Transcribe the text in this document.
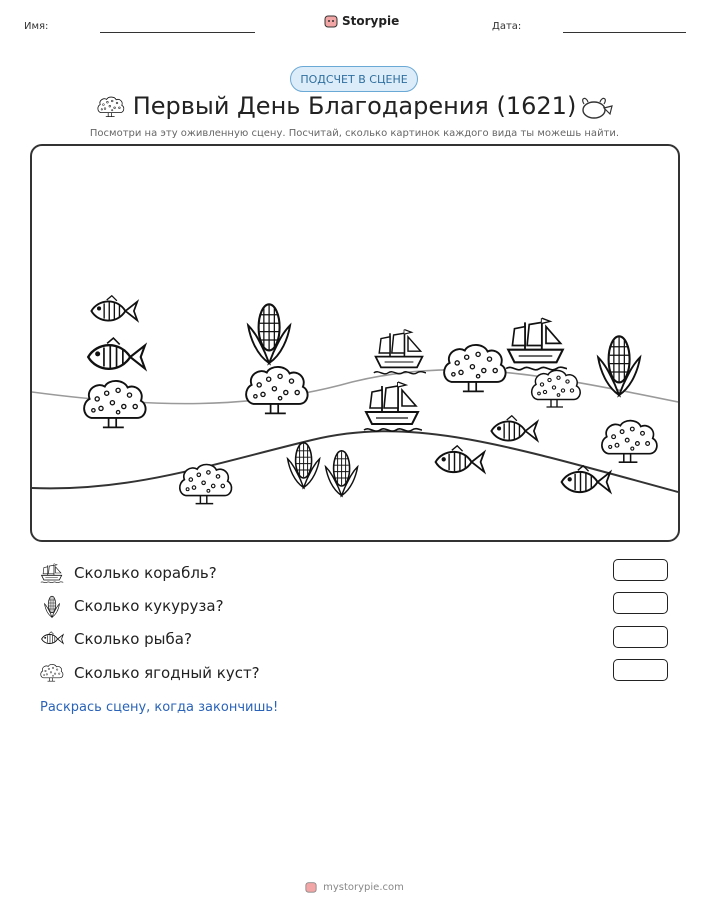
Имя:	Storypie	Дата:
ПОДСЧЕТ В СЦЕНЕ
Первый День Благодарения (1621)
Посмотри на эту оживленную сцену. Посчитай, сколько картинок каждого вида ты можешь найти.
Сколько корабль?
Сколько кукуруза?
Сколько рыба?
Сколько ягодный куст?
Раскрась сцену, когда закончишь!
mystorypie.com
